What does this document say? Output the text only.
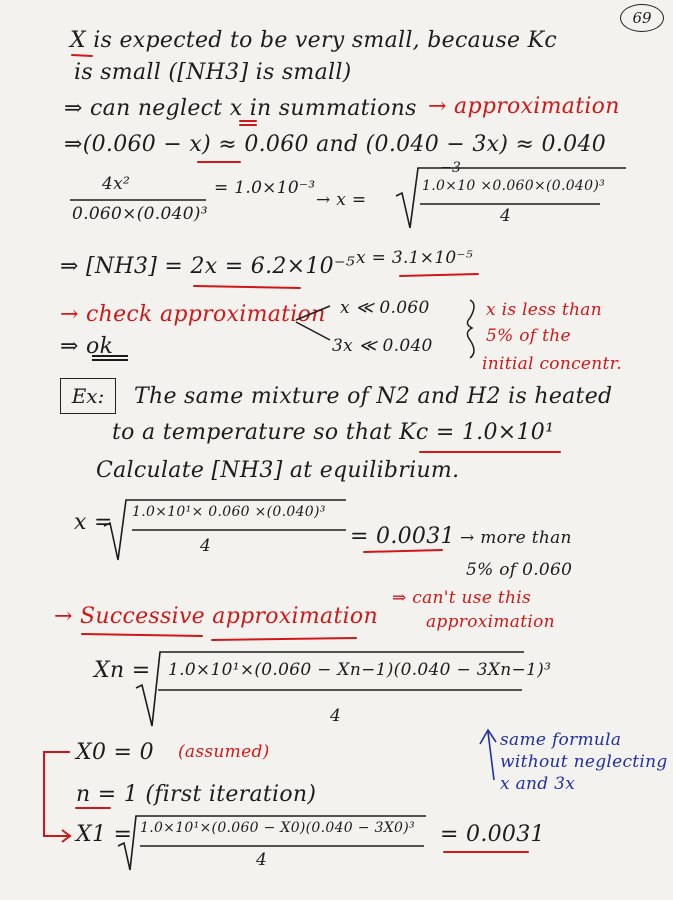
69
X is expected to be very small, because Kc
is small ([NH3] is small)
⇒ can neglect x in summations → approximation
⇒(0.060 − x) ≈ 0.060 and (0.040 − 3x) ≈ 0.040
4x²
0.060×(0.040)³
= 1.0×10⁻³
→ x =
−3
1.0×10 ×0.060×(0.040)³
4
⇒ [NH3] = 2x = 6.2×10⁻⁵ x = 3.1×10⁻⁵
→ check approximation
⇒ ok
x ≪ 0.060
3x ≪ 0.040
x is less than
5% of the
initial concentr.
Ex:	The same mixture of N2 and H2 is heated
to a temperature so that Kc = 1.0×10¹
Calculate [NH3] at equilibrium.
x = 1.0×10¹× 0.060 ×(0.040)³
4	= 0.0031 → more than
5% of 0.060
⇒ can't use this
approximation
→ Successive approximation
Xn = 1.0×10¹×(0.060 − Xn−1)(0.040 − 3Xn−1)³
4
same formula
without neglecting
x and 3x
X0 = 0 (assumed)
n = 1 (first iteration)
X1 = 1.0×10¹×(0.060 − X0)(0.040 − 3X0)³
4
= 0.0031
